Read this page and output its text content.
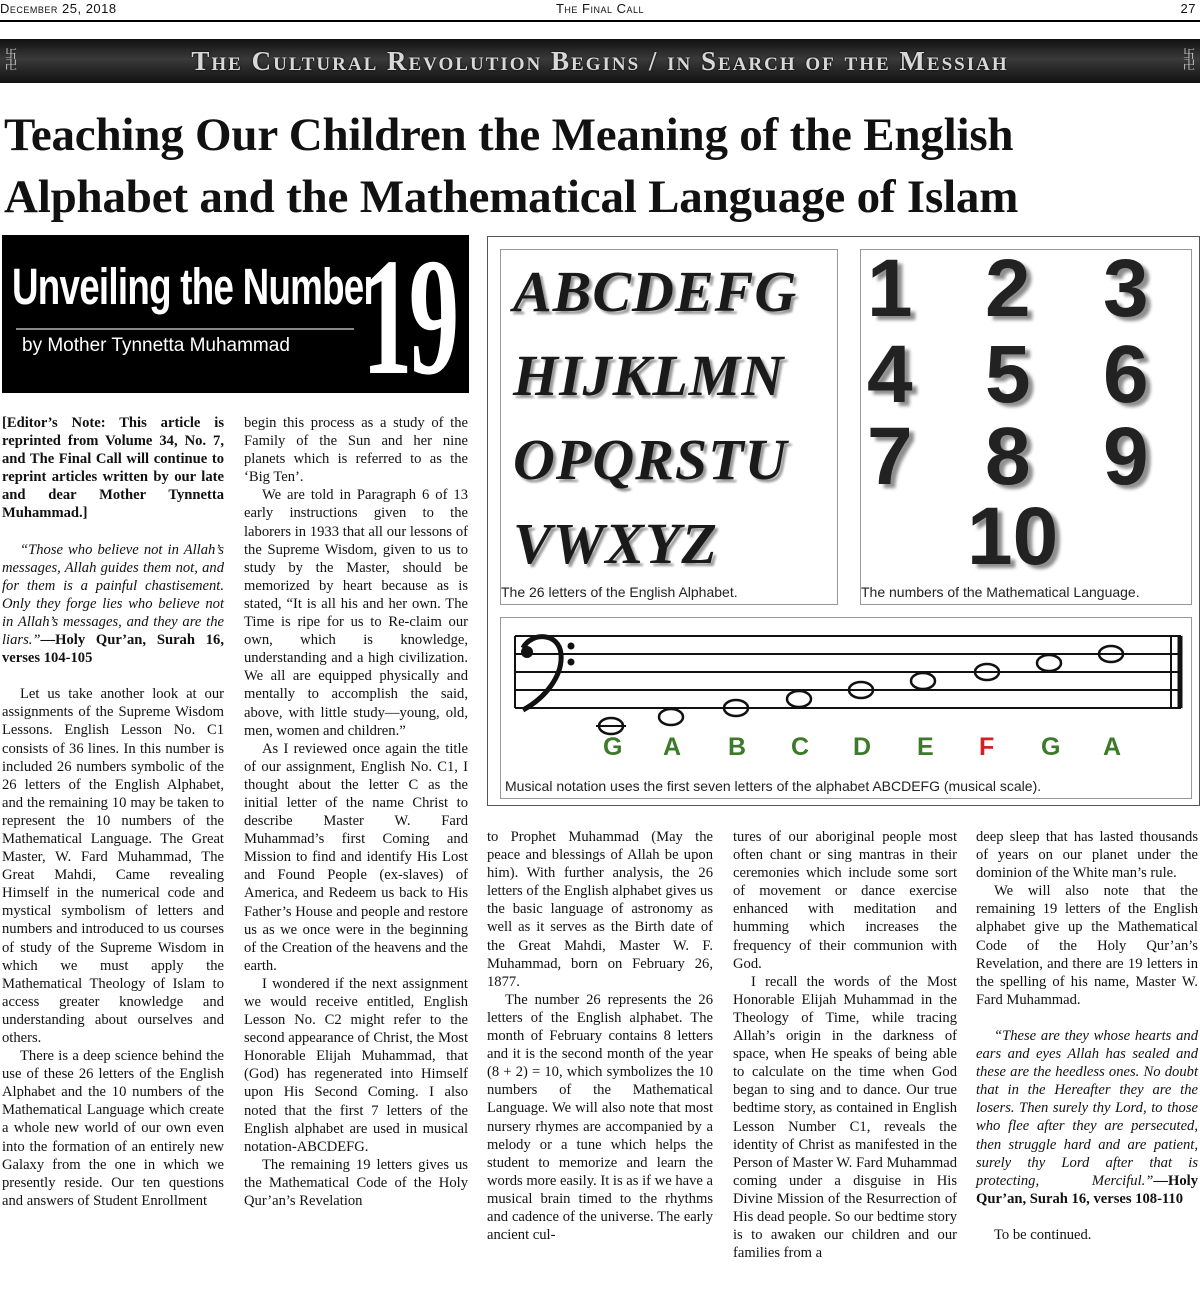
December 25, 2018	The Final Call	27
卐
卍	The Cultural Revolution Begins / in Search of the Messiah	卐
卍
Teaching Our Children the Meaning of the English Alphabet and the Mathematical Language of Islam
Unveiling the Number
by Mother Tynnetta Muhammad 19

[Editor’s Note: This article is reprinted from Volume 34, No. 7, and The Final Call will continue to reprint articles written by our late and dear Mother Tynnetta Muhammad.]

“Those who believe not in Allah’s messages, Allah guides them not, and for them is a painful chastisement. Only they forge lies who believe not in Allah’s messages, and they are the liars.”—Holy Qur’an, Surah 16, verses 104-105

Let us take another look at our assignments of the Supreme Wisdom Lessons. English Lesson No. C1 consists of 36 lines. In this number is included 26 numbers symbolic of the 26 letters of the English Alphabet, and the remaining 10 may be taken to represent the 10 numbers of the Mathematical Language. The Great Master, W. Fard Muhammad, The Great Mahdi, Came revealing Himself in the numerical code and mystical symbolism of letters and numbers and introduced to us courses of study of the Supreme Wisdom in which we must apply the Mathematical Theology of Islam to access greater knowledge and understanding about ourselves and others.

There is a deep science behind the use of these 26 letters of the English Alphabet and the 10 numbers of the Mathematical Language which create a whole new world of our own even into the formation of an entirely new Galaxy from the one in which we presently reside. Our ten questions and answers of Student Enrollment

begin this process as a study of the Family of the Sun and her nine planets which is referred to as the ‘Big Ten’.

We are told in Paragraph 6 of 13 early instructions given to the laborers in 1933 that all our lessons of the Supreme Wisdom, given to us to study by the Master, should be memorized by heart because as is stated, “It is all his and her own. The Time is ripe for us to Re-claim our own, which is knowledge, understanding and a high civilization. We all are equipped physically and mentally to accomplish the said, above, with little study—young, old, men, women and children.”

As I reviewed once again the title of our assignment, English No. C1, I thought about the letter C as the initial letter of the name Christ to describe Master W. Fard Muhammad’s first Coming and Mission to find and identify His Lost and Found People (ex-slaves) of America, and Redeem us back to His Father’s House and people and restore us as we once were in the beginning of the Creation of the heavens and the earth.

I wondered if the next assignment we would receive entitled, English Lesson No. C2 might refer to the second appearance of Christ, the Most Honorable Elijah Muhammad, that (God) has regenerated into Himself upon His Second Coming. I also noted that the first 7 letters of the English alphabet are used in musical notation-ABCDEFG.

The remaining 19 letters gives us the Mathematical Code of the Holy Qur’an’s Revelation

ABCDEFG
HIJKLMN
OPQRSTU
VWXYZ
The 26 letters of the English Alphabet.
1 2 3
4 5 6
7 8 9
10
The numbers of the Mathematical Language.
G A B C D E F G A
Musical notation uses the first seven letters of the alphabet ABCDEFG (musical scale).

to Prophet Muhammad (May the peace and blessings of Allah be upon him). With further analysis, the 26 letters of the English alphabet gives us the basic language of astronomy as well as it serves as the Birth date of the Great Mahdi, Master W. F. Muhammad, born on February 26, 1877.

The number 26 represents the 26 letters of the English alphabet. The month of February contains 8 letters and it is the second month of the year (8 + 2) = 10, which symbolizes the 10 numbers of the Mathematical Language. We will also note that most nursery rhymes are accompanied by a melody or a tune which helps the student to memorize and learn the words more easily. It is as if we have a musical brain timed to the rhythms and cadence of the universe. The early ancient cul-

tures of our aboriginal people most often chant or sing mantras in their ceremonies which include some sort of movement or dance exercise enhanced with meditation and humming which increases the frequency of their communion with God.

I recall the words of the Most Honorable Elijah Muhammad in the Theology of Time, while tracing Allah’s origin in the darkness of space, when He speaks of being able to calculate on the time when God began to sing and to dance. Our true bedtime story, as contained in English Lesson Number C1, reveals the identity of Christ as manifested in the Person of Master W. Fard Muhammad coming under a disguise in His Divine Mission of the Resurrection of His dead people. So our bedtime story is to awaken our children and our families from a

deep sleep that has lasted thousands of years on our planet under the dominion of the White man’s rule.

We will also note that the remaining 19 letters of the English alphabet give up the Mathematical Code of the Holy Qur’an’s Revelation, and there are 19 letters in the spelling of his name, Master W. Fard Muhammad.

“These are they whose hearts and ears and eyes Allah has sealed and these are the heedless ones. No doubt that in the Hereafter they are the losers. Then surely thy Lord, to those who flee after they are persecuted, then struggle hard and are patient, surely thy Lord after that is protecting, Merciful.”—Holy Qur’an, Surah 16, verses 108-110

To be continued.
